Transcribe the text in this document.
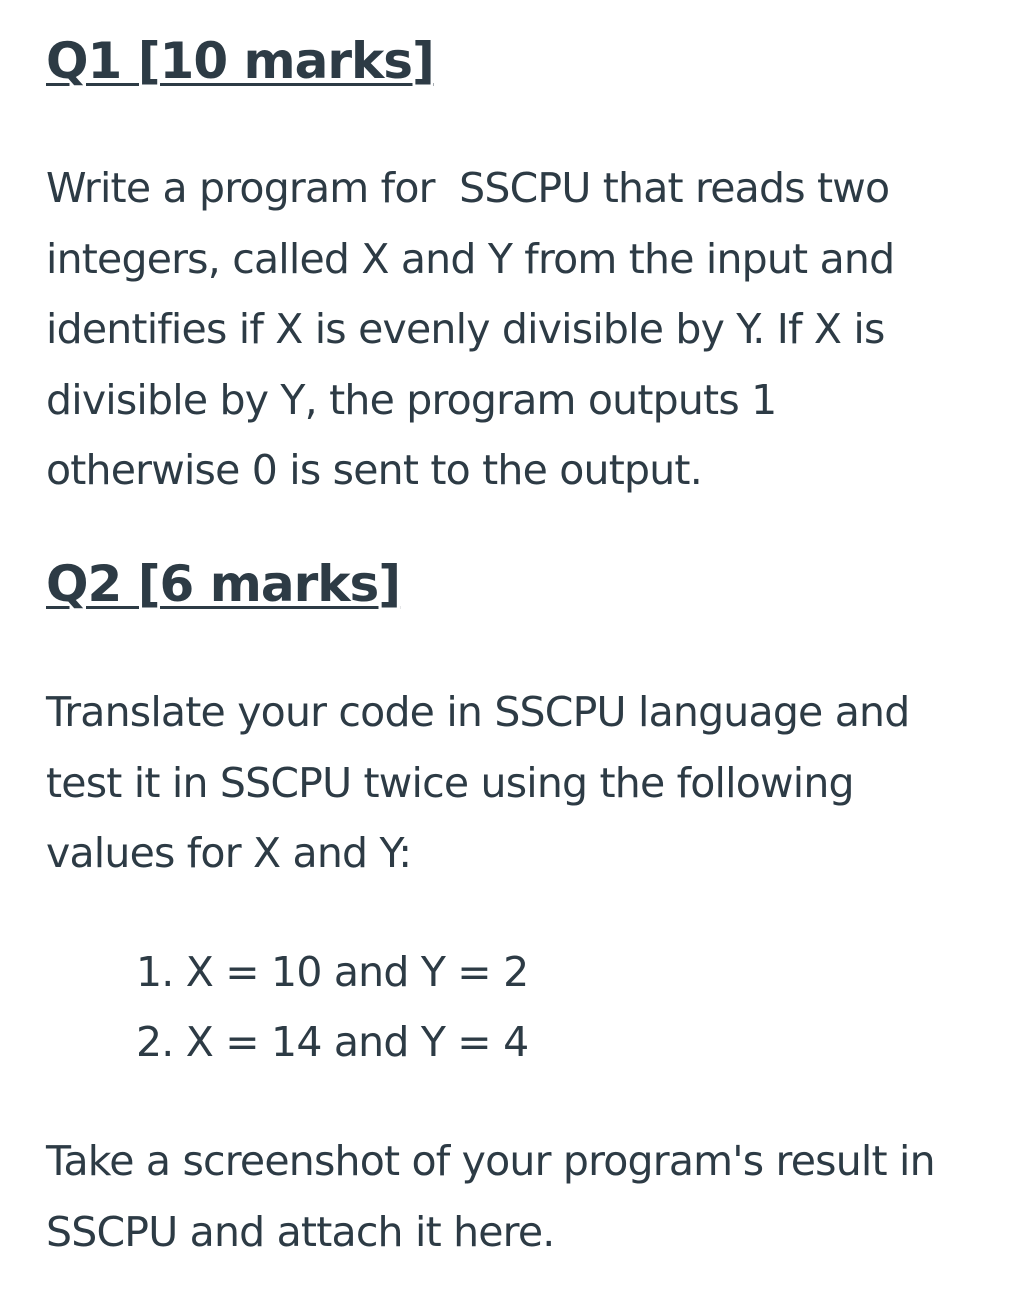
Q1 [10 marks]

Write a program for  SSCPU that reads two
integers, called X and Y from the input and
identifies if X is evenly divisible by Y. If X is
divisible by Y, the program outputs 1
otherwise 0 is sent to the output.

Q2 [6 marks]

Translate your code in SSCPU language and
test it in SSCPU twice using the following
values for X and Y:

1. X = 10 and Y = 2
2. X = 14 and Y = 4

Take a screenshot of your program's result in
SSCPU and attach it here.
